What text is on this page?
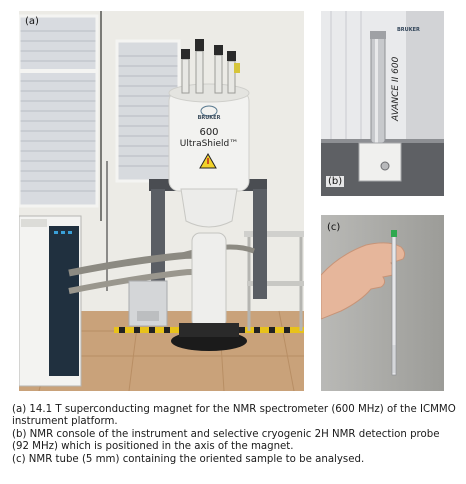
BRUKER
600
UltraShield™
(a)
BRUKER
AVANCE II 600
(b)
(c)

(a) 14.1 T superconducting magnet for the NMR spectrometer (600 MHz) of the ICMMO instrument platform.

(b) NMR console of the instrument and selective cryogenic 2H NMR detection probe (92 MHz) which is positioned in the axis of the magnet.

(c) NMR tube (5 mm) containing the oriented sample to be analysed.
